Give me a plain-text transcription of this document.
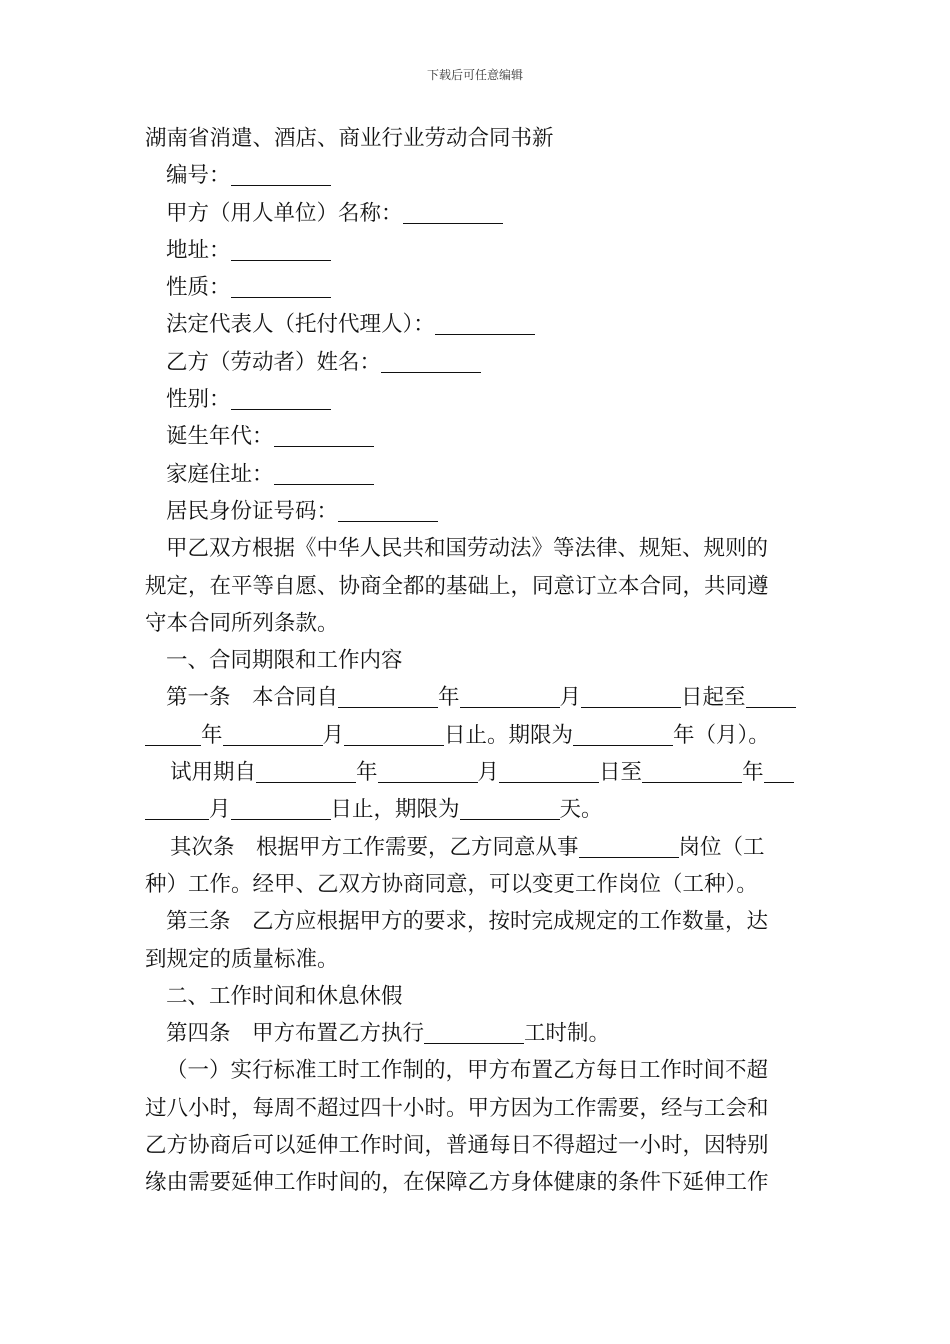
下载后可任意编辑
湖南省消遣、酒店、商业行业劳动合同书新
编号：
甲方（用人单位）名称：
地址：
性质：
法定代表人（托付代理人）：
乙方（劳动者）姓名：
性别：
诞生年代：
家庭住址：
居民身份证号码：
甲乙双方根据《中华人民共和国劳动法》等法律、规矩、规则的
规定，在平等自愿、协商全都的基础上，同意订立本合同，共同遵
守本合同所列条款。
一、合同期限和工作内容
第一条　本合同自	年	月	日起至
年	月	日止。期限为	年（月）。
试用期自	年	月	日至	年
月	日止，期限为	天。
其次条　根据甲方工作需要，乙方同意从事	岗位（工
种）工作。经甲、乙双方协商同意，可以变更工作岗位（工种）。
第三条　乙方应根据甲方的要求，按时完成规定的工作数量，达
到规定的质量标准。
二、工作时间和休息休假
第四条　甲方布置乙方执行	工时制。
（一）实行标准工时工作制的，甲方布置乙方每日工作时间不超
过八小时，每周不超过四十小时。甲方因为工作需要，经与工会和
乙方协商后可以延伸工作时间，普通每日不得超过一小时，因特别
缘由需要延伸工作时间的，在保障乙方身体健康的条件下延伸工作
